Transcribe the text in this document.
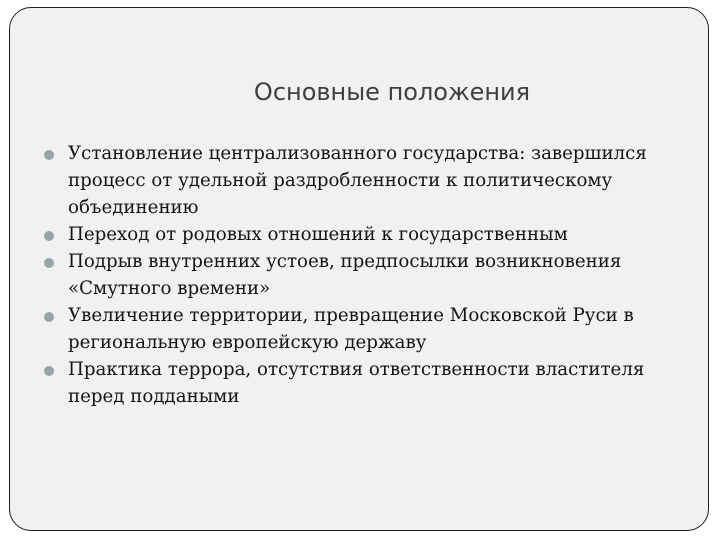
Основные положения
Установление централизованного государства: завершился процесс от удельной раздробленности к политическому объединению
Переход от родовых отношений к государственным
Подрыв внутренних устоев, предпосылки возникновения «Смутного времени»
Увеличение территории, превращение Московской Руси в региональную европейскую державу
Практика террора, отсутствия ответственности властителя перед поддаными
